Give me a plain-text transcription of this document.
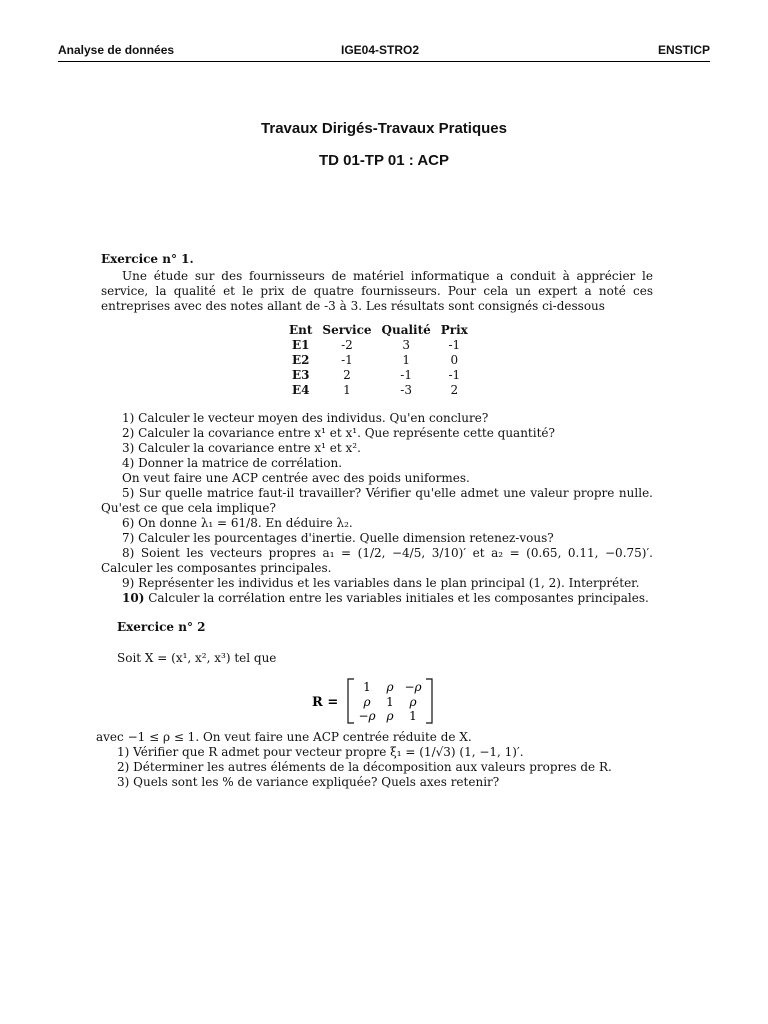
Analyse de données	IGE04-STRO2	ENSTICP
Travaux Dirigés-Travaux Pratiques
TD 01-TP 01 : ACP
Exercice n° 1.

Une étude sur des fournisseurs de matériel informatique a conduit à apprécier le service, la qualité et le prix de quatre fournisseurs. Pour cela un expert a noté ces entreprises avec des notes allant de -3 à 3. Les résultats sont consignés ci-dessous

Ent	Service	Qualité	Prix
E1	-2	3	-1
E2	-1	1	0
E3	2	-1	-1
E4	1	-3	2

1) Calculer le vecteur moyen des individus. Qu'en conclure?

2) Calculer la covariance entre x¹ et x¹. Que représente cette quantité?

3) Calculer la covariance entre x¹ et x².

4) Donner la matrice de corrélation.

On veut faire une ACP centrée avec des poids uniformes.

5) Sur quelle matrice faut-il travailler? Vérifier qu'elle admet une valeur propre nulle. Qu'est ce que cela implique?

6) On donne λ₁ = 61/8. En déduire λ₂.

7) Calculer les pourcentages d'inertie. Quelle dimension retenez-vous?

8) Soient les vecteurs propres a₁ = (1/2, −4/5, 3/10)′ et a₂ = (0.65, 0.11, −0.75)′. Calculer les composantes principales.

9) Représenter les individus et les variables dans le plan principal (1, 2). Interpréter.

10) Calculer la corrélation entre les variables initiales et les composantes principales.

Exercice n° 2
Soit X = (x¹, x², x³) tel que
R =
1 ρ −ρ
ρ 1 ρ
−ρ ρ 1

avec −1 ≤ ρ ≤ 1. On veut faire une ACP centrée réduite de X.

1) Vérifier que R admet pour vecteur propre ξ₁ = (1/√3) (1, −1, 1)′.

2) Déterminer les autres éléments de la décomposition aux valeurs propres de R.

3) Quels sont les % de variance expliquée? Quels axes retenir?
